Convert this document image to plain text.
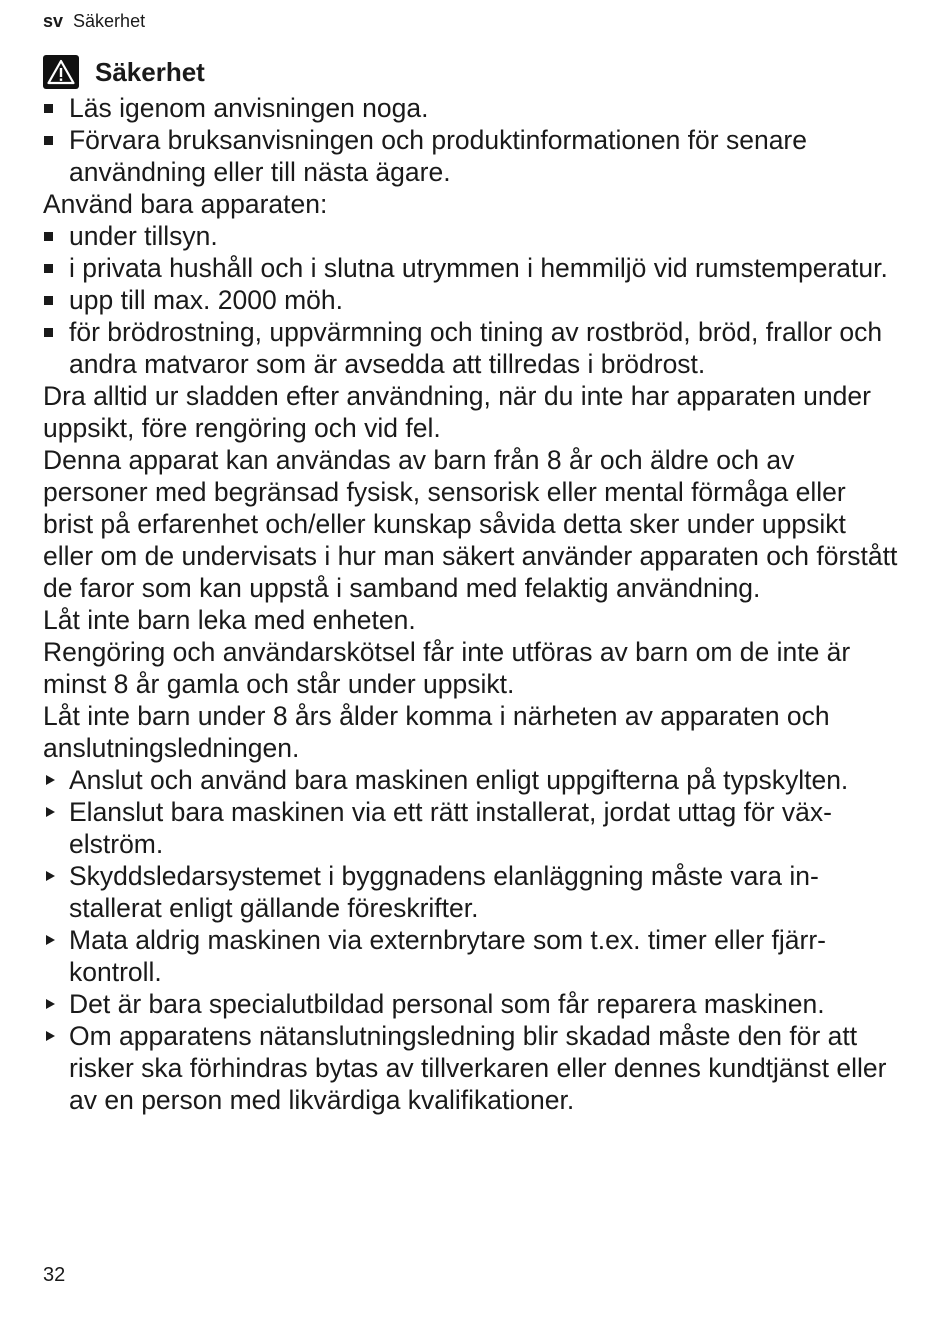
sv Säkerhet
Säkerhet
Läs igenom anvisningen noga.
Förvara bruksanvisningen och produktinformationen för senare användning eller till nästa ägare.
Använd bara apparaten:
under tillsyn.
i privata hushåll och i slutna utrymmen i hemmiljö vid rumstemperatur.
upp till max. 2000 möh.
för brödrostning, uppvärmning och tining av rostbröd, bröd, frallor och andra matvaror som är avsedda att tillredas i brödrost.
Dra alltid ur sladden efter användning, när du inte har apparaten under uppsikt, före rengöring och vid fel.
Denna apparat kan användas av barn från 8 år och äldre och av personer med begränsad fysisk, sensorisk eller mental förmåga eller brist på erfarenhet och/eller kunskap såvida detta sker under uppsikt eller om de undervisats i hur man säkert använder apparaten och förstått de faror som kan uppstå i samband med felaktig användning.
Låt inte barn leka med enheten.
Rengöring och användarskötsel får inte utföras av barn om de inte är minst 8 år gamla och står under uppsikt.
Låt inte barn under 8 års ålder komma i närheten av apparaten och anslutningsledningen.
Anslut och använd bara maskinen enligt uppgifterna på typskylten.
Elanslut bara maskinen via ett rätt installerat, jordat uttag för växelström.
Skyddsledarsystemet i byggnadens elanläggning måste vara installerat enligt gällande föreskrifter.
Mata aldrig maskinen via externbrytare som t.ex. timer eller fjärrkontroll.
Det är bara specialutbildad personal som får reparera maskinen.
Om apparatens nätanslutningsledning blir skadad måste den för att risker ska förhindras bytas av tillverkaren eller dennes kundtjänst eller av en person med likvärdiga kvalifikationer.
32
